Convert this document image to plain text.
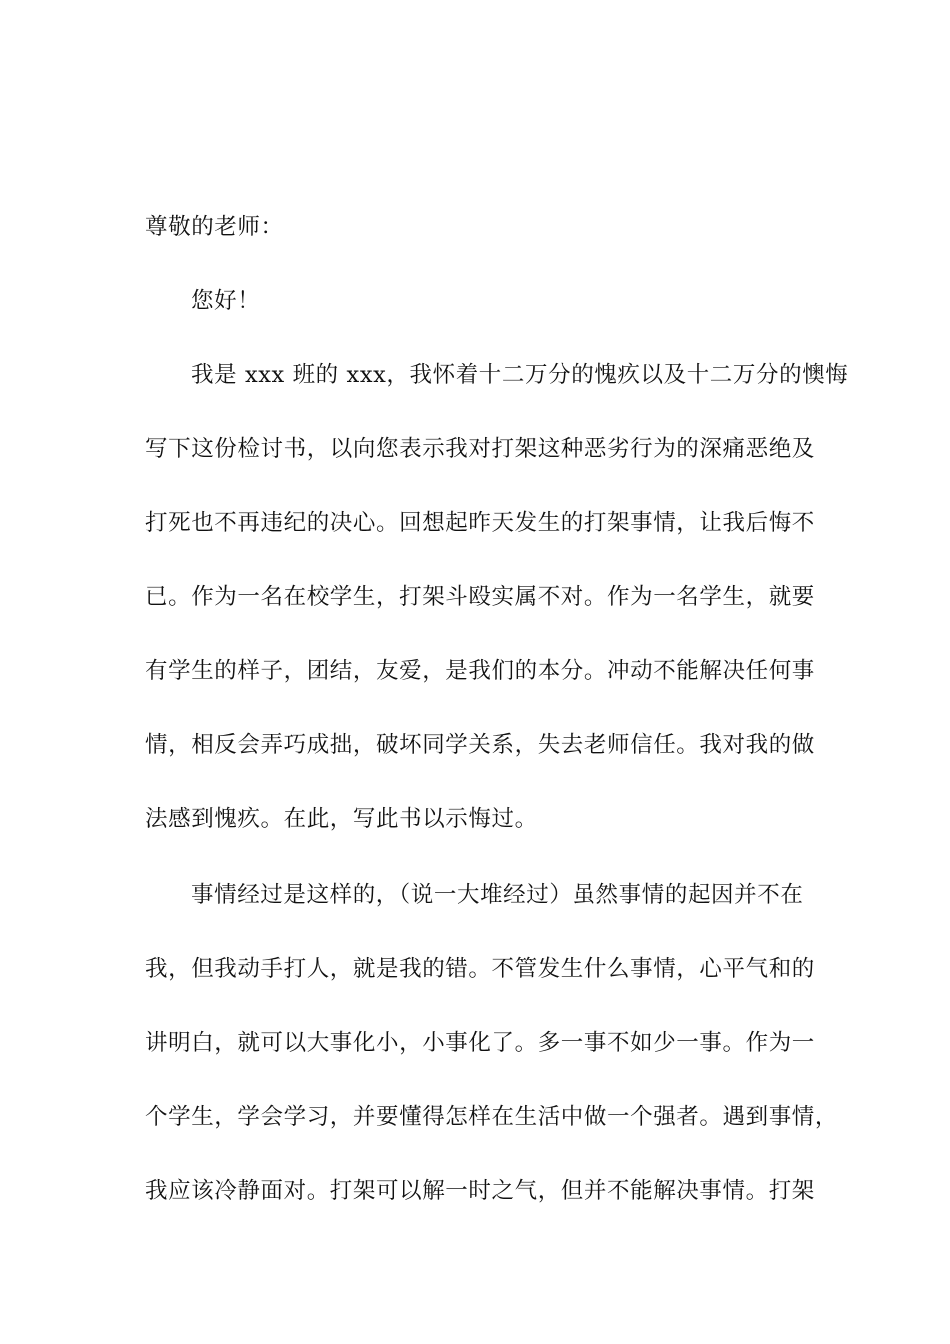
尊敬的老师：
您好！
我是 xxx 班的 xxx，我怀着十二万分的愧疚以及十二万分的懊悔
写下这份检讨书，以向您表示我对打架这种恶劣行为的深痛恶绝及
打死也不再违纪的决心。回想起昨天发生的打架事情，让我后悔不
已。作为一名在校学生，打架斗殴实属不对。作为一名学生，就要
有学生的样子，团结，友爱，是我们的本分。冲动不能解决任何事
情，相反会弄巧成拙，破坏同学关系，失去老师信任。我对我的做
法感到愧疚。在此，写此书以示悔过。
事情经过是这样的，（说一大堆经过）虽然事情的起因并不在
我，但我动手打人，就是我的错。不管发生什么事情，心平气和的
讲明白，就可以大事化小，小事化了。多一事不如少一事。作为一
个学生，学会学习，并要懂得怎样在生活中做一个强者。遇到事情，
我应该冷静面对。打架可以解一时之气，但并不能解决事情。打架
